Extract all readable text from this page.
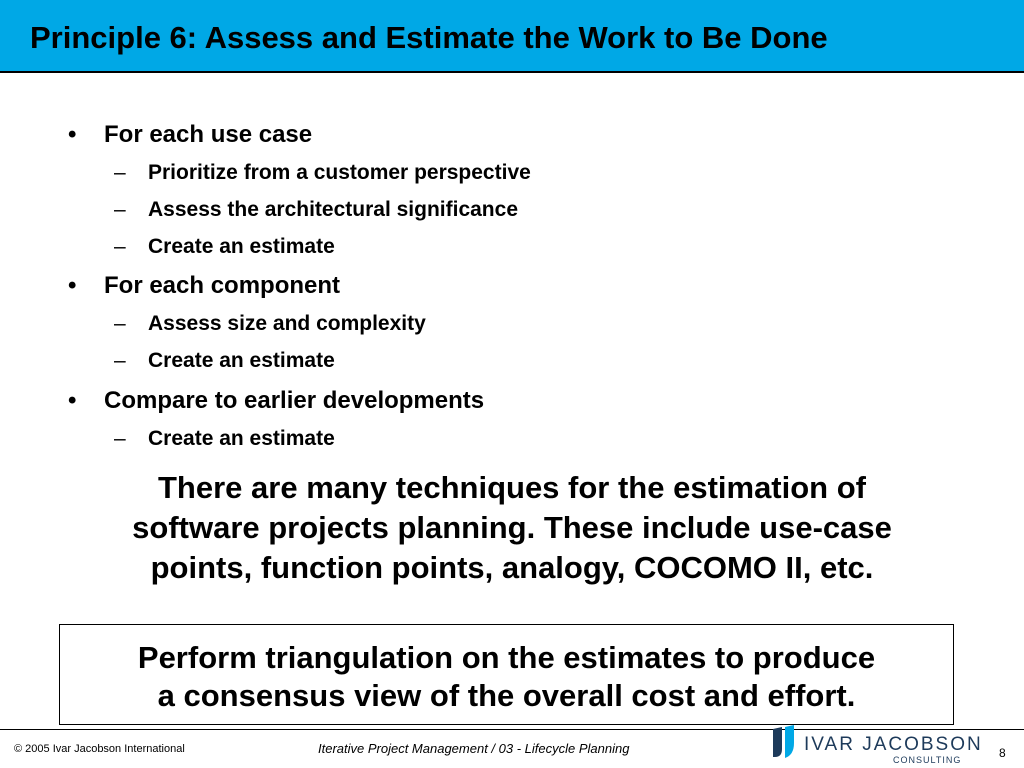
Principle 6: Assess and Estimate the Work to Be Done
• For each use case
– Prioritize from a customer perspective
– Assess the architectural significance
– Create an estimate
• For each component
– Assess size and complexity
– Create an estimate
• Compare to earlier developments
– Create an estimate
There are many techniques for the estimation of
software projects planning. These include use-case
points, function points, analogy, COCOMO II, etc.
Perform triangulation on the estimates to produce
a consensus view of the overall cost and effort.
© 2005 Ivar Jacobson International	Iterative Project Management / 03 - Lifecycle Planning	IVAR JACOBSON
CONSULTING	8
